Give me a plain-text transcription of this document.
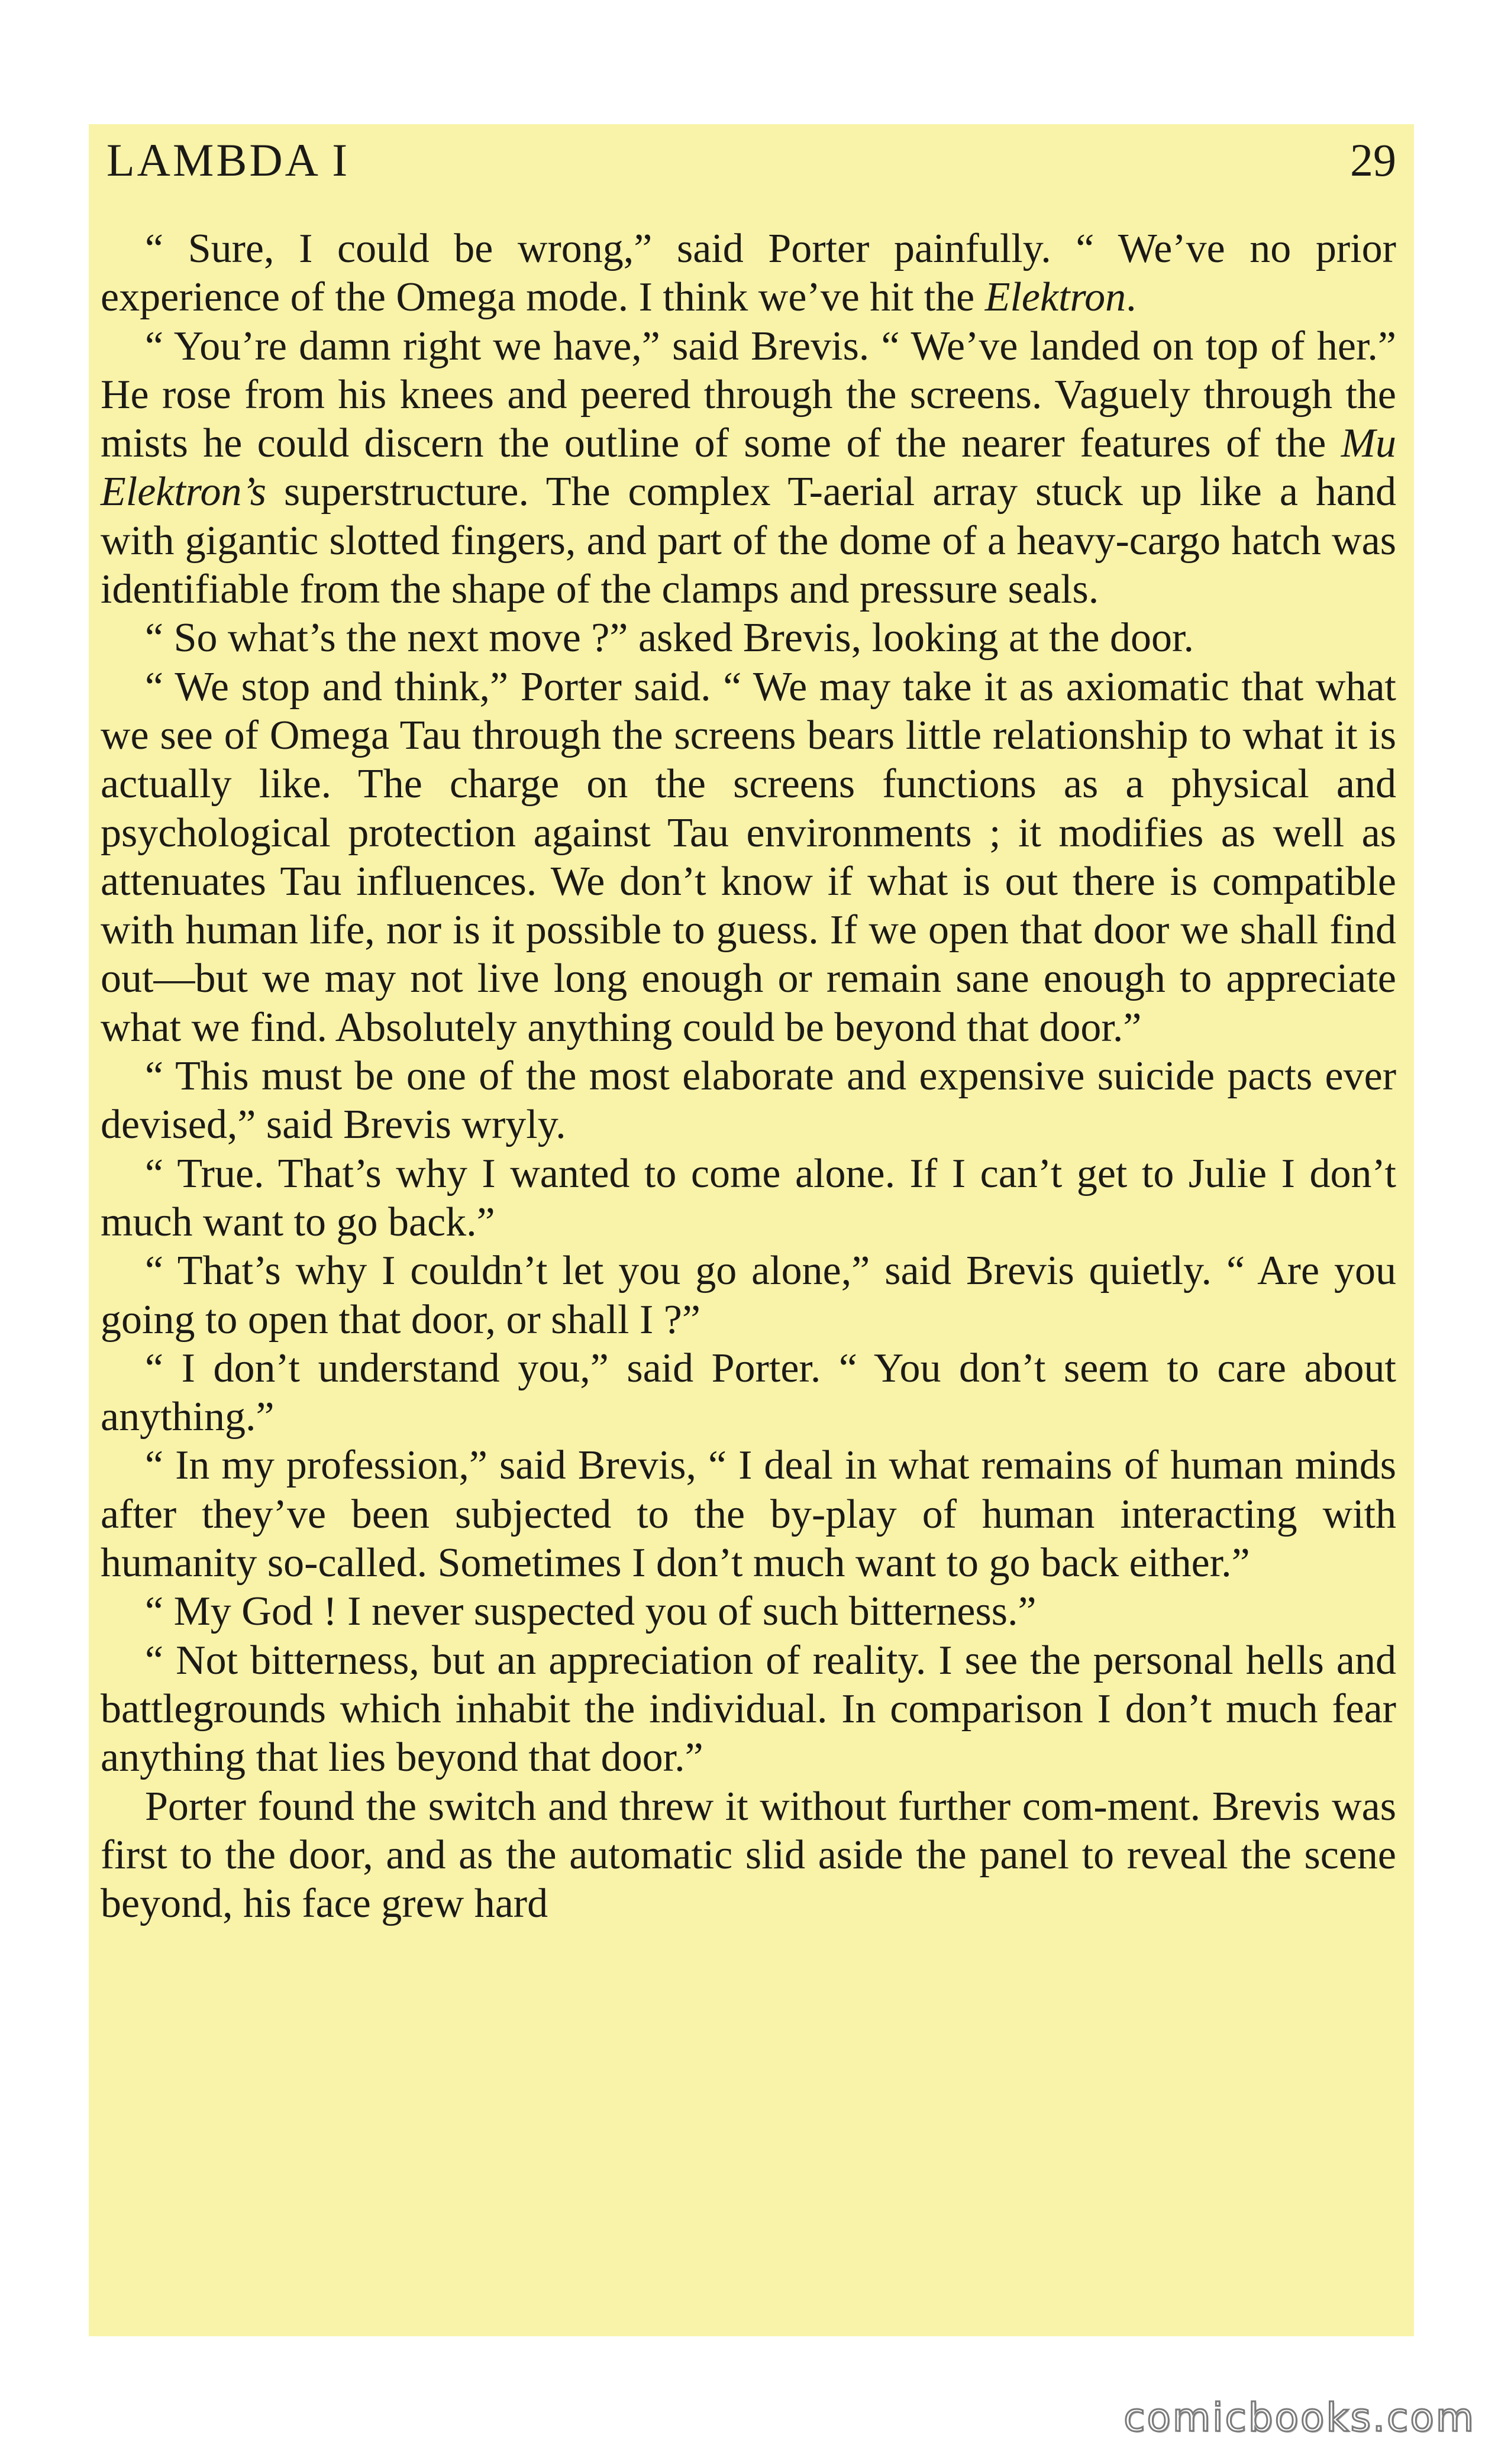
LAMBDA I	29

“ Sure, I could be wrong,” said Porter painfully. “ We’ve no prior experience of the Omega mode. I think we’ve hit the Elektron.

“ You’re damn right we have,” said Brevis. “ We’ve landed on top of her.” He rose from his knees and peered through the screens. Vaguely through the mists he could discern the outline of some of the nearer features of the Mu Elektron’s superstructure. The complex T-aerial array stuck up like a hand with gigantic slotted fingers, and part of the dome of a heavy-cargo hatch was identifiable from the shape of the clamps and pressure seals.

“ So what’s the next move ?” asked Brevis, looking at the door.

“ We stop and think,” Porter said. “ We may take it as axiomatic that what we see of Omega Tau through the screens bears little relationship to what it is actually like. The charge on the screens functions as a physical and psychological protection against Tau environments ; it modifies as well as attenuates Tau influences. We don’t know if what is out there is compatible with human life, nor is it possible to guess. If we open that door we shall find out—but we may not live long enough or remain sane enough to appreciate what we find. Absolutely anything could be beyond that door.”

“ This must be one of the most elaborate and expensive suicide pacts ever devised,” said Brevis wryly.

“ True. That’s why I wanted to come alone. If I can’t get to Julie I don’t much want to go back.”

“ That’s why I couldn’t let you go alone,” said Brevis quietly. “ Are you going to open that door, or shall I ?”

“ I don’t understand you,” said Porter. “ You don’t seem to care about anything.”

“ In my profession,” said Brevis, “ I deal in what remains of human minds after they’ve been subjected to the by-play of human interacting with humanity so-called. Sometimes I don’t much want to go back either.”

“ My God ! I never suspected you of such bitterness.”

“ Not bitterness, but an appreciation of reality. I see the personal hells and battlegrounds which inhabit the individual. In comparison I don’t much fear anything that lies beyond that door.”

Porter found the switch and threw it without further com-ment. Brevis was first to the door, and as the automatic slid aside the panel to reveal the scene beyond, his face grew hard

comicbooks.com
